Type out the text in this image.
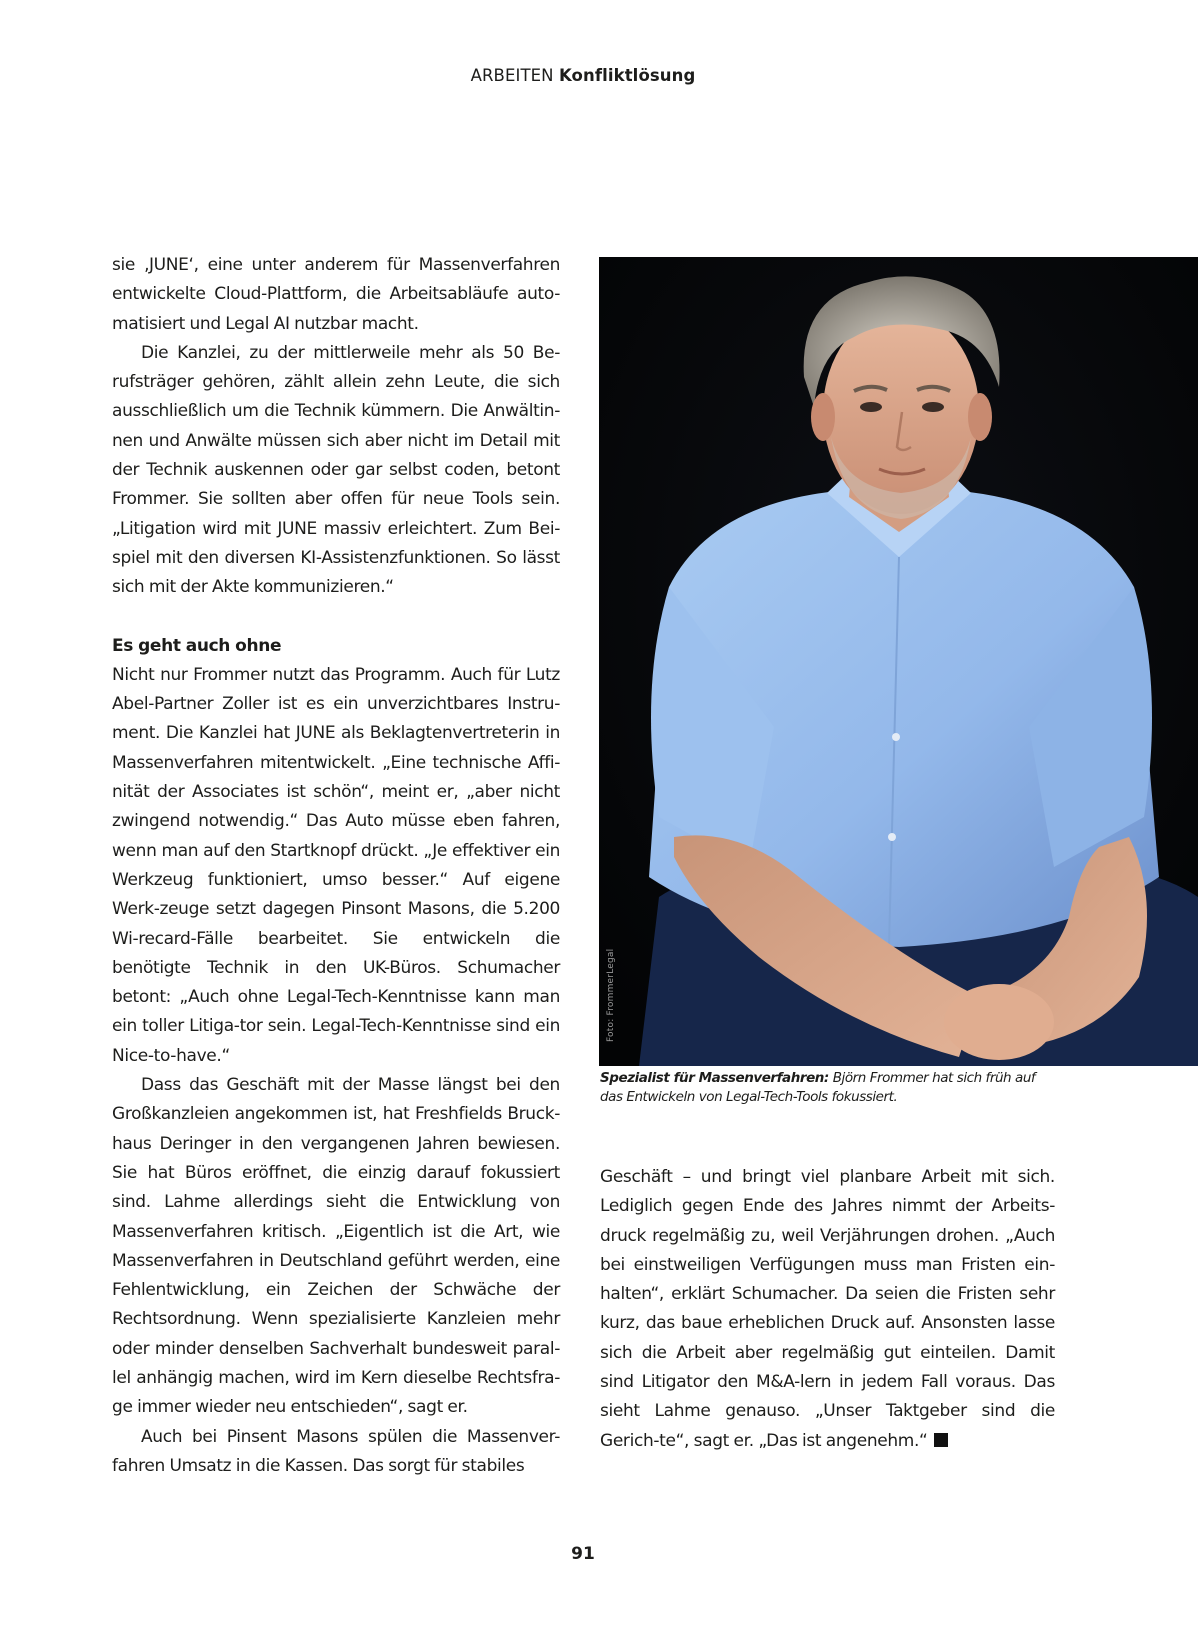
ARBEITEN Konfliktlösung

sie ‚JUNE‘, eine unter anderem für Massenverfahren entwickelte Cloud-Plattform, die Arbeitsabläufe auto-matisiert und Legal AI nutzbar macht.

Die Kanzlei, zu der mittlerweile mehr als 50 Be-rufsträger gehören, zählt allein zehn Leute, die sich ausschließlich um die Technik kümmern. Die Anwältin-nen und Anwälte müssen sich aber nicht im Detail mit der Technik auskennen oder gar selbst coden, betont Frommer. Sie sollten aber offen für neue Tools sein. „Litigation wird mit JUNE massiv erleichtert. Zum Bei-spiel mit den diversen KI-Assistenzfunktionen. So lässt sich mit der Akte kommunizieren.“

Es geht auch ohne

Nicht nur Frommer nutzt das Programm. Auch für Lutz Abel-Partner Zoller ist es ein unverzichtbares Instru-ment. Die Kanzlei hat JUNE als Beklagtenvertreterin in Massenverfahren mitentwickelt. „Eine technische Affi-nität der Associates ist schön“, meint er, „aber nicht zwingend notwendig.“ Das Auto müsse eben fahren, wenn man auf den Startknopf drückt. „Je effektiver ein Werkzeug funktioniert, umso besser.“ Auf eigene Werk-zeuge setzt dagegen Pinsont Masons, die 5.200 Wi-recard-Fälle bearbeitet. Sie entwickeln die benötigte Technik in den UK-Büros. Schumacher betont: „Auch ohne Legal-Tech-Kenntnisse kann man ein toller Litiga-tor sein. Legal-Tech-Kenntnisse sind ein Nice-to-have.“

Dass das Geschäft mit der Masse längst bei den Großkanzleien angekommen ist, hat Freshfields Bruck-haus Deringer in den vergangenen Jahren bewiesen. Sie hat Büros eröffnet, die einzig darauf fokussiert sind. Lahme allerdings sieht die Entwicklung von Massenverfahren kritisch. „Eigentlich ist die Art, wie Massenverfahren in Deutschland geführt werden, eine Fehlentwicklung, ein Zeichen der Schwäche der Rechtsordnung. Wenn spezialisierte Kanzleien mehr oder minder denselben Sachverhalt bundesweit paral-lel anhängig machen, wird im Kern dieselbe Rechtsfra-ge immer wieder neu entschieden“, sagt er.

Auch bei Pinsent Masons spülen die Massenver-fahren Umsatz in die Kassen. Das sorgt für stabiles

Foto: FrommerLegal
Spezialist für Massenverfahren: Björn Frommer hat sich früh auf das Entwickeln von Legal-Tech-Tools fokussiert.

Geschäft – und bringt viel planbare Arbeit mit sich. Lediglich gegen Ende des Jahres nimmt der Arbeits-druck regelmäßig zu, weil Verjährungen drohen. „Auch bei einstweiligen Verfügungen muss man Fristen ein-halten“, erklärt Schumacher. Da seien die Fristen sehr kurz, das baue erheblichen Druck auf. Ansonsten lasse sich die Arbeit aber regelmäßig gut einteilen. Damit sind Litigator den M&A-lern in jedem Fall voraus. Das sieht Lahme genauso. „Unser Taktgeber sind die Gerich-te“, sagt er. „Das ist angenehm.“

91
